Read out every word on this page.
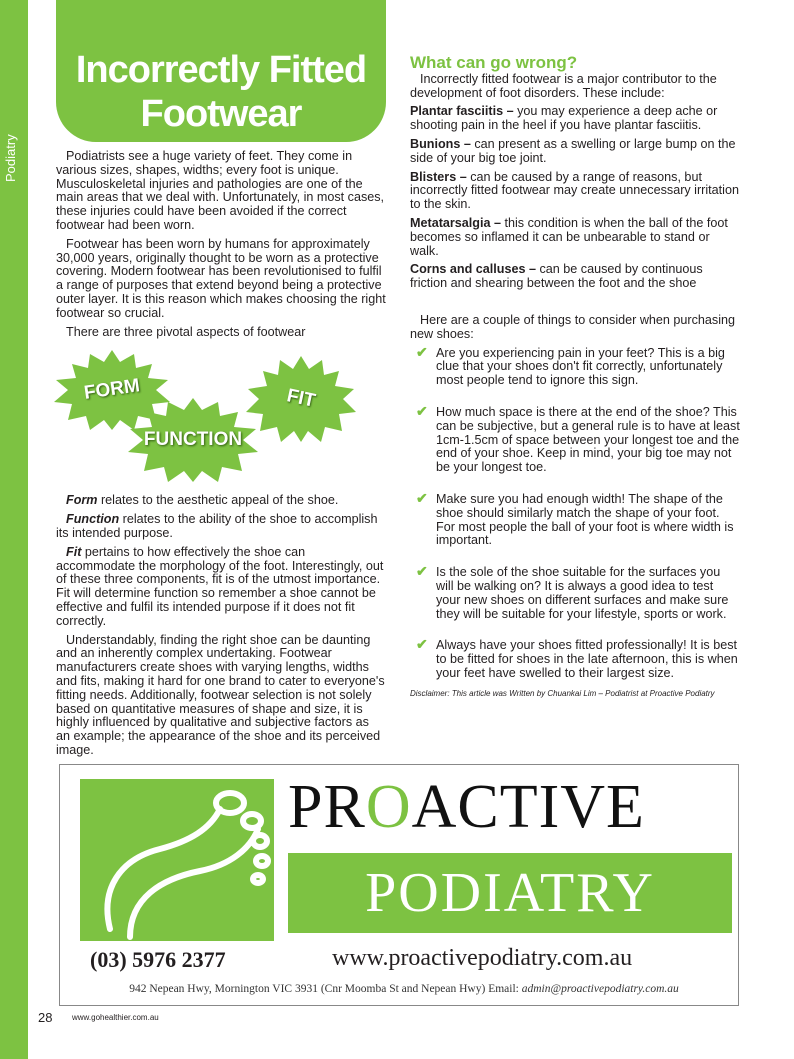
Podiatry
Incorrectly Fitted
Footwear

Podiatrists see a huge variety of feet. They come in various sizes, shapes, widths; every foot is unique. Musculoskeletal injuries and pathologies are one of the main areas that we deal with. Unfortunately, in most cases, these injuries could have been avoided if the correct footwear had been worn.

Footwear has been worn by humans for approximately 30,000 years, originally thought to be worn as a protective covering. Modern footwear has been revolutionised to fulfil a range of purposes that extend beyond being a protective outer layer. It is this reason which makes choosing the right footwear so crucial.

There are three pivotal aspects of footwear

Form relates to the aesthetic appeal of the shoe.

Function relates to the ability of the shoe to accomplish its intended purpose.

Fit pertains to how effectively the shoe can accommodate the morphology of the foot. Interestingly, out of these three components, fit is of the utmost importance. Fit will determine function so remember a shoe cannot be effective and fulfil its intended purpose if it does not fit correctly.

Understandably, finding the right shoe can be daunting and an inherently complex undertaking. Footwear manufacturers create shoes with varying lengths, widths and fits, making it hard for one brand to cater to everyone's fitting needs. Additionally, footwear selection is not solely based on quantitative measures of shape and size, it is highly influenced by qualitative and subjective factors as an example; the appearance of the shoe and its perceived image.

FORM	FIT
FUNCTION
What can go wrong?

Incorrectly fitted footwear is a major contributor to the development of foot disorders. These include:

Plantar fasciitis – you may experience a deep ache or shooting pain in the heel if you have plantar fasciitis.

Bunions – can present as a swelling or large bump on the side of your big toe joint.

Blisters – can be caused by a range of reasons, but incorrectly fitted footwear may create unnecessary irritation to the skin.

Metatarsalgia – this condition is when the ball of the foot becomes so inflamed it can be unbearable to stand or walk.

Corns and calluses – can be caused by continuous friction and shearing between the foot and the shoe

Here are a couple of things to consider when purchasing new shoes:

✔ Are you experiencing pain in your feet? This is a big clue that your shoes don't fit correctly, unfortunately most people tend to ignore this sign.
✔ How much space is there at the end of the shoe? This can be subjective, but a general rule is to have at least 1cm-1.5cm of space between your longest toe and the end of your shoe. Keep in mind, your big toe may not be your longest toe.
✔ Make sure you had enough width! The shape of the shoe should similarly match the shape of your foot. For most people the ball of your foot is where width is important.
✔ Is the sole of the shoe suitable for the surfaces you will be walking on? It is always a good idea to test your new shoes on different surfaces and make sure they will be suitable for your lifestyle, sports or work.
✔ Always have your shoes fitted professionally! It is best to be fitted for shoes in the late afternoon, this is when your feet have swelled to their largest size.
Disclaimer: This article was Written by Chuankai Lim – Podiatrist at Proactive Podiatry
PROACTIVE
PODIATRY
(03) 5976 2377	www.proactivepodiatry.com.au
942 Nepean Hwy, Mornington VIC 3931 (Cnr Moomba St and Nepean Hwy) Email: admin@proactivepodiatry.com.au
28 www.gohealthier.com.au
